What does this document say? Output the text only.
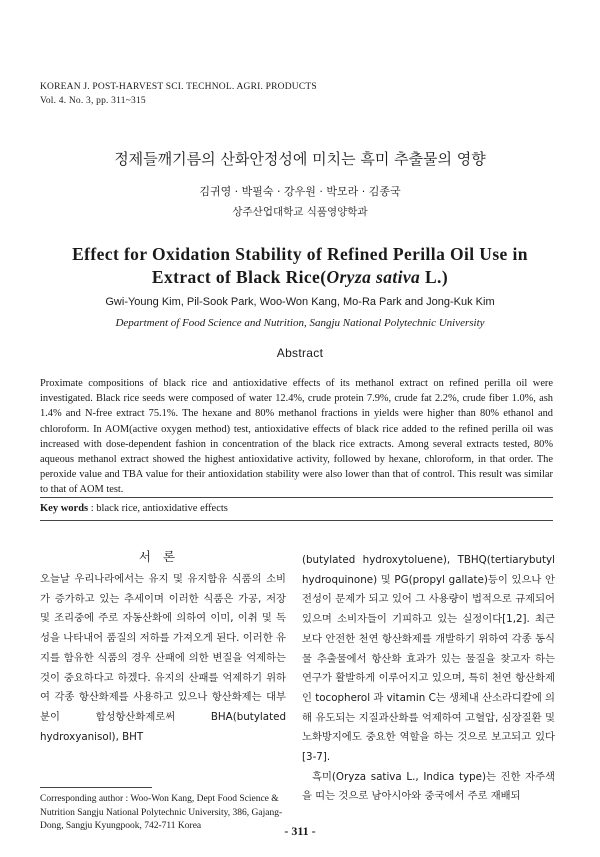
KOREAN J. POST-HARVEST SCI. TECHNOL. AGRI. PRODUCTS
Vol. 4. No. 3, pp. 311~315
정제들깨기름의 산화안정성에 미치는 흑미 추출물의 영향
김귀영 · 박필숙 · 강우원 · 박모라 · 김종국
상주산업대학교 식품영양학과
Effect for Oxidation Stability of Refined Perilla Oil Use in
Extract of Black Rice(Oryza sativa L.)
Gwi-Young Kim, Pil-Sook Park, Woo-Won Kang, Mo-Ra Park and Jong-Kuk Kim
Department of Food Science and Nutrition, Sangju National Polytechnic University
Abstract
Proximate compositions of black rice and antioxidative effects of its methanol extract on refined perilla oil were investigated. Black rice seeds were composed of water 12.4%, crude protein 7.9%, crude fat 2.2%, crude fiber 1.0%, ash 1.4% and N-free extract 75.1%. The hexane and 80% methanol fractions in yields were higher than 80% ethanol and chloroform. In AOM(active oxygen method) test, antioxidative effects of black rice added to the refined perilla oil was increased with dose-dependent fashion in concentration of the black rice extracts. Among several extracts tested, 80% aqueous methanol extract showed the highest antioxidative activity, followed by hexane, chloroform, in that order. The peroxide value and TBA value for their antioxidation stability were also lower than that of control. This result was similar to that of AOM test.
Key words : black rice, antioxidative effects
서론
오늘날 우리나라에서는 유지 및 유지함유 식품의 소비가 증가하고 있는 추세이며 이러한 식품은 가공, 저장 및 조리중에 주로 자동산화에 의하여 이미, 이취 및 독성을 나타내어 품질의 저하를 가져오게 된다. 이러한 유지를 함유한 식품의 경우 산패에 의한 변질을 억제하는 것이 중요하다고 하겠다. 유지의 산패를 억제하기 위하여 각종 항산화제를 사용하고 있으나 항산화제는 대부분이 합성항산화제로써 BHA(butylated hydroxyanisol), BHT
(butylated hydroxytoluene), TBHQ(tertiarybutyl hydroquinone) 및 PG(propyl gallate)등이 있으나 안전성이 문제가 되고 있어 그 사용량이 법적으로 규제되어 있으며 소비자들이 기피하고 있는 실정이다[1,2]. 최근 보다 안전한 천연 항산화제를 개발하기 위하여 각종 동식물 추출물에서 항산화 효과가 있는 물질을 찾고자 하는 연구가 활발하게 이루어지고 있으며, 특히 천연 항산화제인 tocopherol 과 vitamin C는 생체내 산소라디칼에 의해 유도되는 지질과산화를 억제하여 고혈압, 심장질환 및 노화방지에도 중요한 역할을 하는 것으로 보고되고 있다[3-7].
흑미(Oryza sativa L., Indica type)는 진한 자주색을 띠는 것으로 남아시아와 중국에서 주로 재배되
Corresponding author : Woo-Won Kang, Dept Food Science & Nutrition Sangju National Polytechnic University, 386, Gajang-Dong, Sangju Kyungpook, 742-711 Korea	- 311 -
